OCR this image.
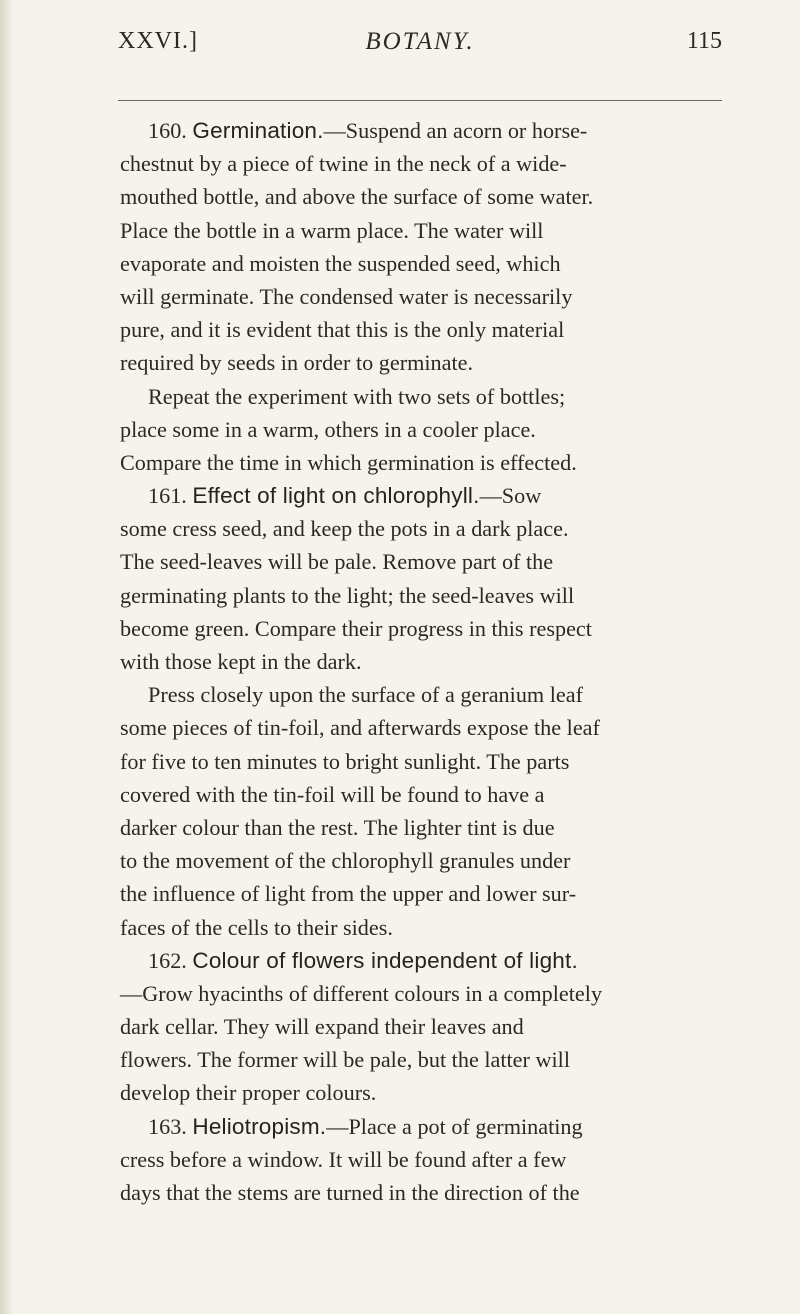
XXVI.]	BOTANY.	115
160. Germination.—Suspend an acorn or horse-
chestnut by a piece of twine in the neck of a wide-
mouthed bottle, and above the surface of some water.
Place the bottle in a warm place. The water will
evaporate and moisten the suspended seed, which
will germinate. The condensed water is necessarily
pure, and it is evident that this is the only material
required by seeds in order to germinate.
Repeat the experiment with two sets of bottles;
place some in a warm, others in a cooler place.
Compare the time in which germination is effected.
161. Effect of light on chlorophyll.—Sow
some cress seed, and keep the pots in a dark place.
The seed-leaves will be pale. Remove part of the
germinating plants to the light; the seed-leaves will
become green. Compare their progress in this respect
with those kept in the dark.
Press closely upon the surface of a geranium leaf
some pieces of tin-foil, and afterwards expose the leaf
for five to ten minutes to bright sunlight. The parts
covered with the tin-foil will be found to have a
darker colour than the rest. The lighter tint is due
to the movement of the chlorophyll granules under
the influence of light from the upper and lower sur-
faces of the cells to their sides.
162. Colour of flowers independent of light.
—Grow hyacinths of different colours in a completely
dark cellar. They will expand their leaves and
flowers. The former will be pale, but the latter will
develop their proper colours.
163. Heliotropism.—Place a pot of germinating
cress before a window. It will be found after a few
days that the stems are turned in the direction of the
